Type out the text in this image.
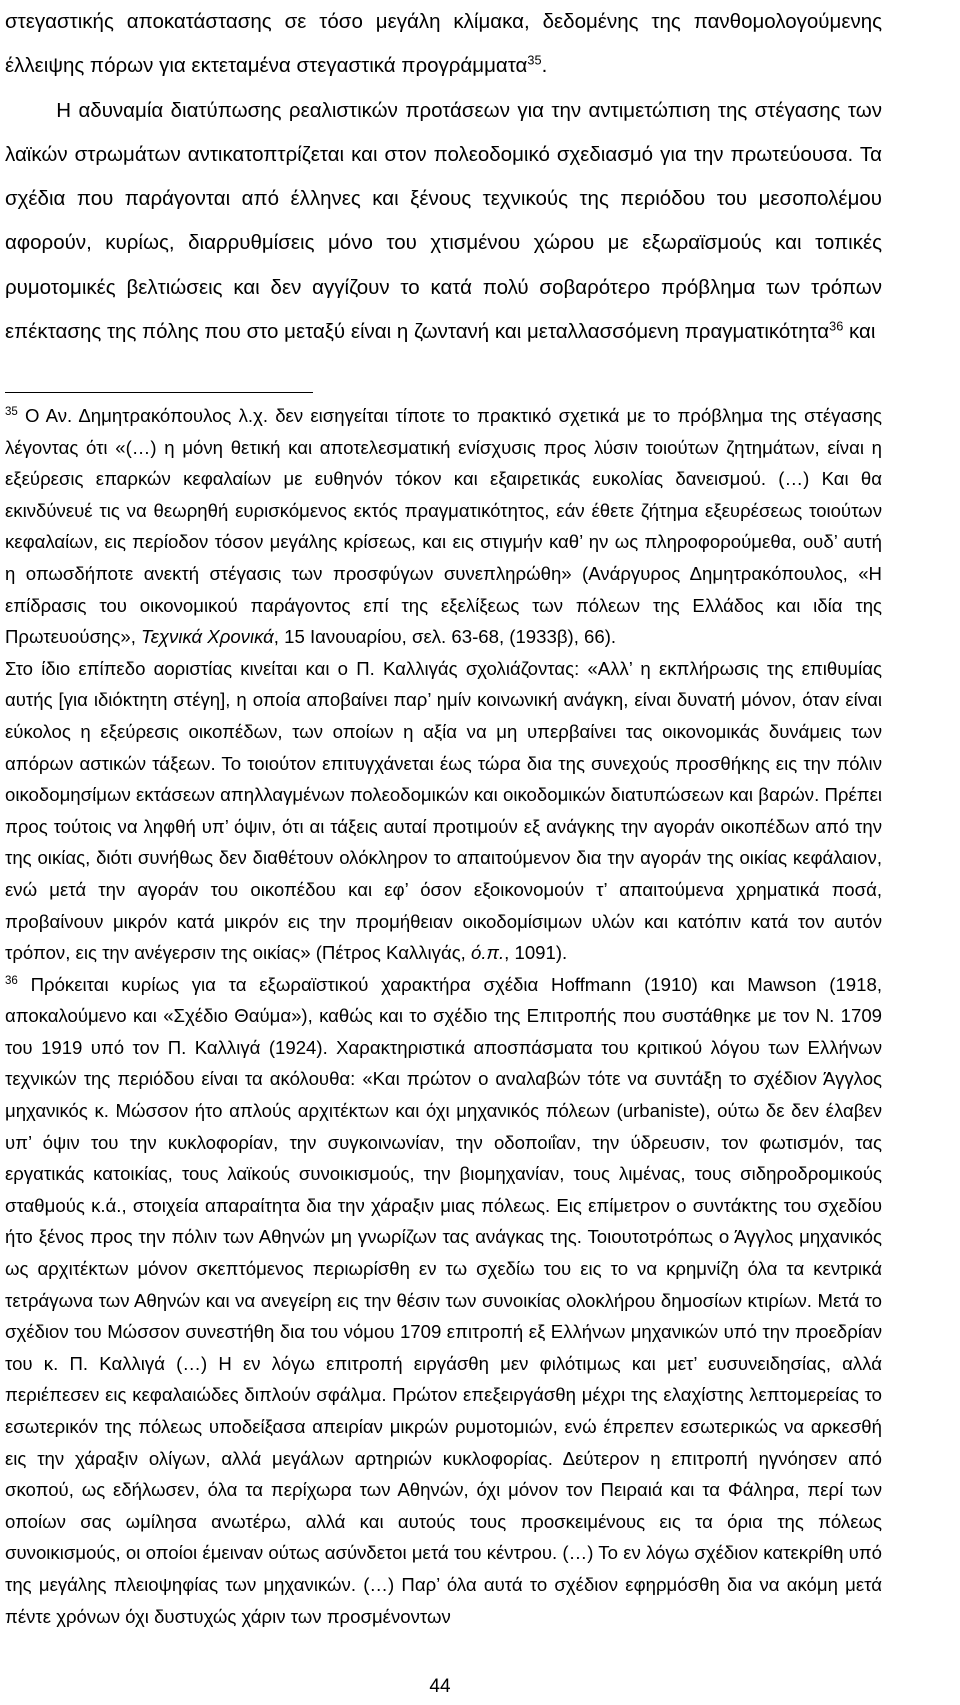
στεγαστικής αποκατάστασης σε τόσο μεγάλη κλίμακα, δεδομένης της πανθομολογούμενης έλλειψης πόρων για εκτεταμένα στεγαστικά προγράμματα$^{35}$.
   Η αδυναμία διατύπωσης ρεαλιστικών προτάσεων για την αντιμετώπιση της στέγασης των λαϊκών στρωμάτων αντικατοπτρίζεται και στον πολεοδομικό σχεδιασμό για την πρωτεύουσα. Τα σχέδια που παράγονται από έλληνες και ξένους τεχνικούς της περιόδου του μεσοπολέμου αφορούν, κυρίως, διαρρυθμίσεις μόνο του χτισμένου χώρου με εξωραϊσμούς και τοπικές ρυμοτομικές βελτιώσεις και δεν αγγίζουν το κατά πολύ σοβαρότερο πρόβλημα των τρόπων επέκτασης της πόλης που στο μεταξύ είναι η ζωντανή και μεταλλασσόμενη πραγματικότητα$^{36}$ και

$^{35}$ Ο Αν. Δημητρακόπουλος λ.χ. δεν εισηγείται τίποτε το πρακτικό σχετικά με το πρόβλημα της στέγασης λέγοντας ότι «(…) η μόνη θετική και αποτελεσματική ενίσχυσις προς λύσιν τοιούτων ζητημάτων, είναι η εξεύρεσις επαρκών κεφαλαίων με ευθηνόν τόκον και εξαιρετικάς ευκολίας δανεισμού. (…) Και θα εκινδύνευέ τις να θεωρηθή ευρισκόμενος εκτός πραγματικότητος, εάν έθετε ζήτημα εξευρέσεως τοιούτων κεφαλαίων, εις περίοδον τόσον μεγάλης κρίσεως, και εις στιγμήν καθ’ ην ως πληροφορούμεθα, ουδ’ αυτή η οπωσδήποτε ανεκτή στέγασις των προσφύγων συνεπληρώθη» (Ανάργυρος Δημητρακόπουλος, «Η επίδρασις του οικονομικού παράγοντος επί της εξελίξεως των πόλεων της Ελλάδος και ιδία της Πρωτευούσης», Τεχνικά Χρονικά, 15 Ιανουαρίου, σελ. 63-68, (1933β), 66).

Στο ίδιο επίπεδο αοριστίας κινείται και ο Π. Καλλιγάς σχολιάζοντας: «Αλλ’ η εκπλήρωσις της επιθυμίας αυτής [για ιδιόκτητη στέγη], η οποία αποβαίνει παρ’ ημίν κοινωνική ανάγκη, είναι δυνατή μόνον, όταν είναι εύκολος η εξεύρεσις οικοπέδων, των οποίων η αξία να μη υπερβαίνει τας οικονομικάς δυνάμεις των απόρων αστικών τάξεων. Το τοιούτον επιτυγχάνεται έως τώρα δια της συνεχούς προσθήκης εις την πόλιν οικοδομησίμων εκτάσεων απηλλαγμένων πολεοδομικών και οικοδομικών διατυπώσεων και βαρών. Πρέπει προς τούτοις να ληφθή υπ’ όψιν, ότι αι τάξεις αυταί προτιμούν εξ ανάγκης την αγοράν οικοπέδων από την της οικίας, διότι συνήθως δεν διαθέτουν ολόκληρον το απαιτούμενον δια την αγοράν της οικίας κεφάλαιον, ενώ μετά την αγοράν του οικοπέδου και εφ’ όσον εξοικονομούν τ’ απαιτούμενα χρηματικά ποσά, προβαίνουν μικρόν κατά μικρόν εις την προμήθειαν οικοδομίσιμων υλών και κατόπιν κατά τον αυτόν τρόπον, εις την ανέγερσιν της οικίας» (Πέτρος Καλλιγάς, ό.π., 1091).

$^{36}$ Πρόκειται κυρίως για τα εξωραϊστικού χαρακτήρα σχέδια Hoffmann (1910) και Mawson (1918, αποκαλούμενο και «Σχέδιο Θαύμα»), καθώς και το σχέδιο της Επιτροπής που συστάθηκε με τον Ν. 1709 του 1919 υπό τον Π. Καλλιγά (1924). Χαρακτηριστικά αποσπάσματα του κριτικού λόγου των Ελλήνων τεχνικών της περιόδου είναι τα ακόλουθα: «Και πρώτον ο αναλαβών τότε να συντάξη το σχέδιον Άγγλος μηχανικός κ. Μώσσον ήτο απλούς αρχιτέκτων και όχι μηχανικός πόλεων (urbaniste), ούτω δε δεν έλαβεν υπ’ όψιν του την κυκλοφορίαν, την συγκοινωνίαν, την οδοποιΐαν, την ύδρευσιν, τον φωτισμόν, τας εργατικάς κατοικίας, τους λαϊκούς συνοικισμούς, την βιομηχανίαν, τους λιμένας, τους σιδηροδρομικούς σταθμούς κ.ά., στοιχεία απαραίτητα δια την χάραξιν μιας πόλεως. Εις επίμετρον ο συντάκτης του σχεδίου ήτο ξένος προς την πόλιν των Αθηνών μη γνωρίζων τας ανάγκας της. Τοιουτοτρόπως ο Άγγλος μηχανικός ως αρχιτέκτων μόνον σκεπτόμενος περιωρίσθη εν τω σχεδίω του εις το να κρημνίζη όλα τα κεντρικά τετράγωνα των Αθηνών και να ανεγείρη εις την θέσιν των συνοικίας ολοκλήρου δημοσίων κτιρίων. Μετά το σχέδιον του Μώσσον συνεστήθη δια του νόμου 1709 επιτροπή εξ Ελλήνων μηχανικών υπό την προεδρίαν του κ. Π. Καλλιγά (…) Η εν λόγω επιτροπή ειργάσθη μεν φιλότιμως και μετ’ ευσυνειδησίας, αλλά περιέπεσεν εις κεφαλαιώδες διπλούν σφάλμα. Πρώτον επεξειργάσθη μέχρι της ελαχίστης λεπτομερείας το εσωτερικόν της πόλεως υποδείξασα απειρίαν μικρών ρυμοτομιών, ενώ έπρεπεν εσωτερικώς να αρκεσθή εις την χάραξιν ολίγων, αλλά μεγάλων αρτηριών κυκλοφορίας. Δεύτερον η επιτροπή ηγνόησεν από σκοπού, ως εδήλωσεν, όλα τα περίχωρα των Αθηνών, όχι μόνον τον Πειραιά και τα Φάληρα, περί των οποίων σας ωμίλησα ανωτέρω, αλλά και αυτούς τους προσκειμένους εις τα όρια της πόλεως συνοικισμούς, οι οποίοι έμειναν ούτως ασύνδετοι μετά του κέντρου. (…) Το εν λόγω σχέδιον κατεκρίθη υπό της μεγάλης πλειοψηφίας των μηχανικών. (…) Παρ’ όλα αυτά το σχέδιον εφηρμόσθη δια να ακόμη μετά πέντε χρόνων όχι δυστυχώς χάριν των προσμένοντων

44
